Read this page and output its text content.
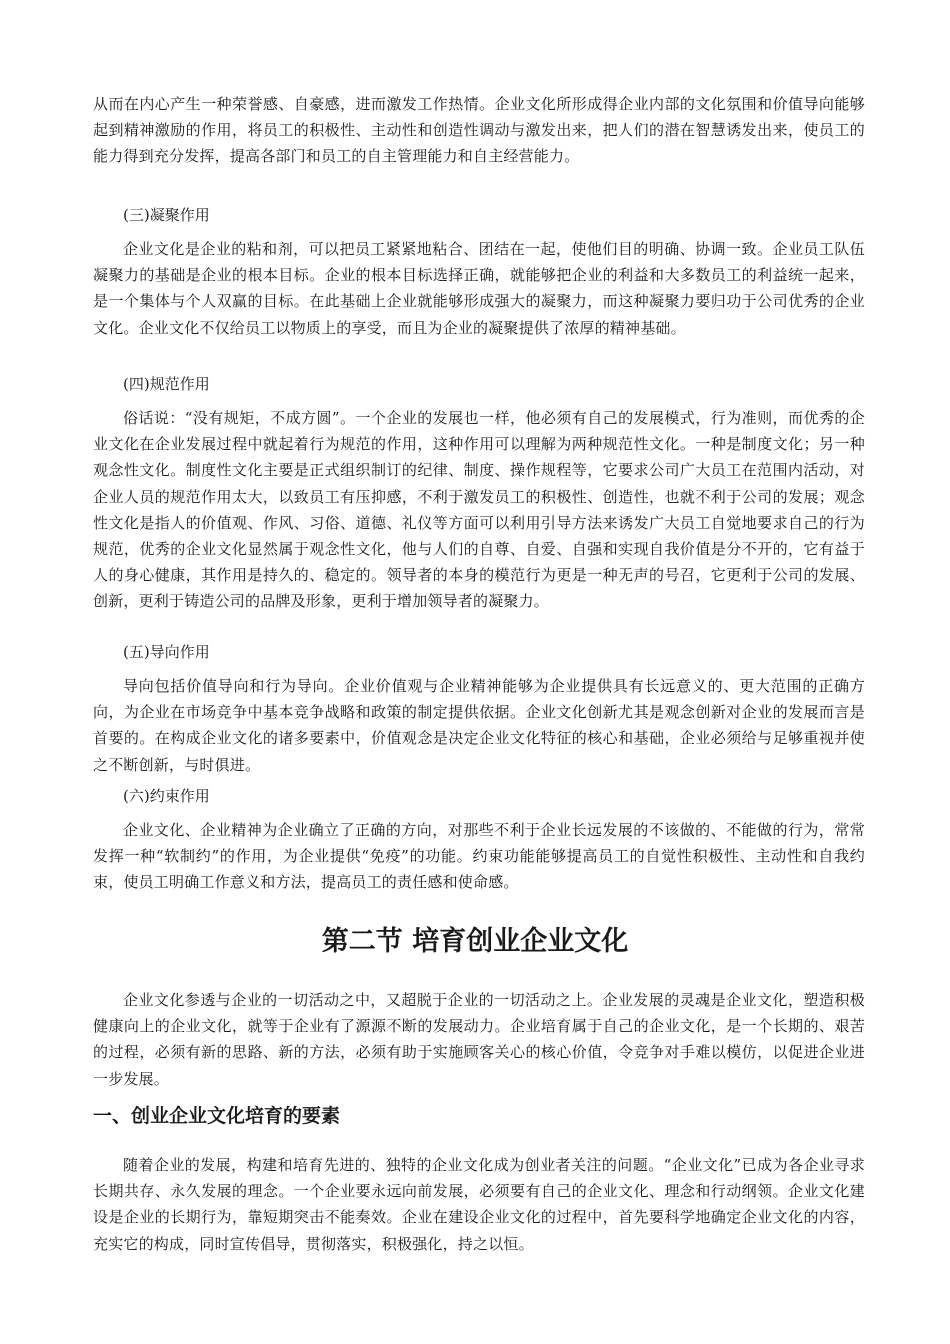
从而在内心产生一种荣誉感、自豪感，进而激发工作热情。企业文化所形成得企业内部的文化氛围和价值导向能够起到精神激励的作用，将员工的积极性、主动性和创造性调动与激发出来，把人们的潜在智慧诱发出来，使员工的能力得到充分发挥，提高各部门和员工的自主管理能力和自主经营能力。

(三)凝聚作用

企业文化是企业的粘和剂，可以把员工紧紧地粘合、团结在一起，使他们目的明确、协调一致。企业员工队伍凝聚力的基础是企业的根本目标。企业的根本目标选择正确，就能够把企业的利益和大多数员工的利益统一起来，是一个集体与个人双赢的目标。在此基础上企业就能够形成强大的凝聚力，而这种凝聚力要归功于公司优秀的企业文化。企业文化不仅给员工以物质上的享受，而且为企业的凝聚提供了浓厚的精神基础。

(四)规范作用

俗话说：“没有规矩，不成方圆”。一个企业的发展也一样，他必须有自己的发展模式，行为准则，而优秀的企业文化在企业发展过程中就起着行为规范的作用，这种作用可以理解为两种规范性文化。一种是制度文化；另一种观念性文化。制度性文化主要是正式组织制订的纪律、制度、操作规程等，它要求公司广大员工在范围内活动，对企业人员的规范作用太大，以致员工有压抑感，不利于激发员工的积极性、创造性，也就不利于公司的发展；观念性文化是指人的价值观、作风、习俗、道德、礼仪等方面可以利用引导方法来诱发广大员工自觉地要求自己的行为规范，优秀的企业文化显然属于观念性文化，他与人们的自尊、自爱、自强和实现自我价值是分不开的，它有益于人的身心健康，其作用是持久的、稳定的。领导者的本身的模范行为更是一种无声的号召，它更利于公司的发展、创新，更利于铸造公司的品牌及形象，更利于增加领导者的凝聚力。

(五)导向作用

导向包括价值导向和行为导向。企业价值观与企业精神能够为企业提供具有长远意义的、更大范围的正确方向，为企业在市场竞争中基本竞争战略和政策的制定提供依据。企业文化创新尤其是观念创新对企业的发展而言是首要的。在构成企业文化的诸多要素中，价值观念是决定企业文化特征的核心和基础，企业必须给与足够重视并使之不断创新，与时俱进。

(六)约束作用

企业文化、企业精神为企业确立了正确的方向，对那些不利于企业长远发展的不该做的、不能做的行为，常常发挥一种“软制约”的作用，为企业提供“免疫”的功能。约束功能能够提高员工的自觉性积极性、主动性和自我约束，使员工明确工作意义和方法，提高员工的责任感和使命感。

第二节 培育创业企业文化

企业文化参透与企业的一切活动之中，又超脱于企业的一切活动之上。企业发展的灵魂是企业文化，塑造积极健康向上的企业文化，就等于企业有了源源不断的发展动力。企业培育属于自己的企业文化，是一个长期的、艰苦的过程，必须有新的思路、新的方法，必须有助于实施顾客关心的核心价值，令竞争对手难以模仿，以促进企业进一步发展。

一、创业企业文化培育的要素

随着企业的发展，构建和培育先进的、独特的企业文化成为创业者关注的问题。“企业文化”已成为各企业寻求长期共存、永久发展的理念。一个企业要永远向前发展，必须要有自己的企业文化、理念和行动纲领。企业文化建设是企业的长期行为，靠短期突击不能奏效。企业在建设企业文化的过程中，首先要科学地确定企业文化的内容，充实它的构成，同时宣传倡导，贯彻落实，积极强化，持之以恒。
